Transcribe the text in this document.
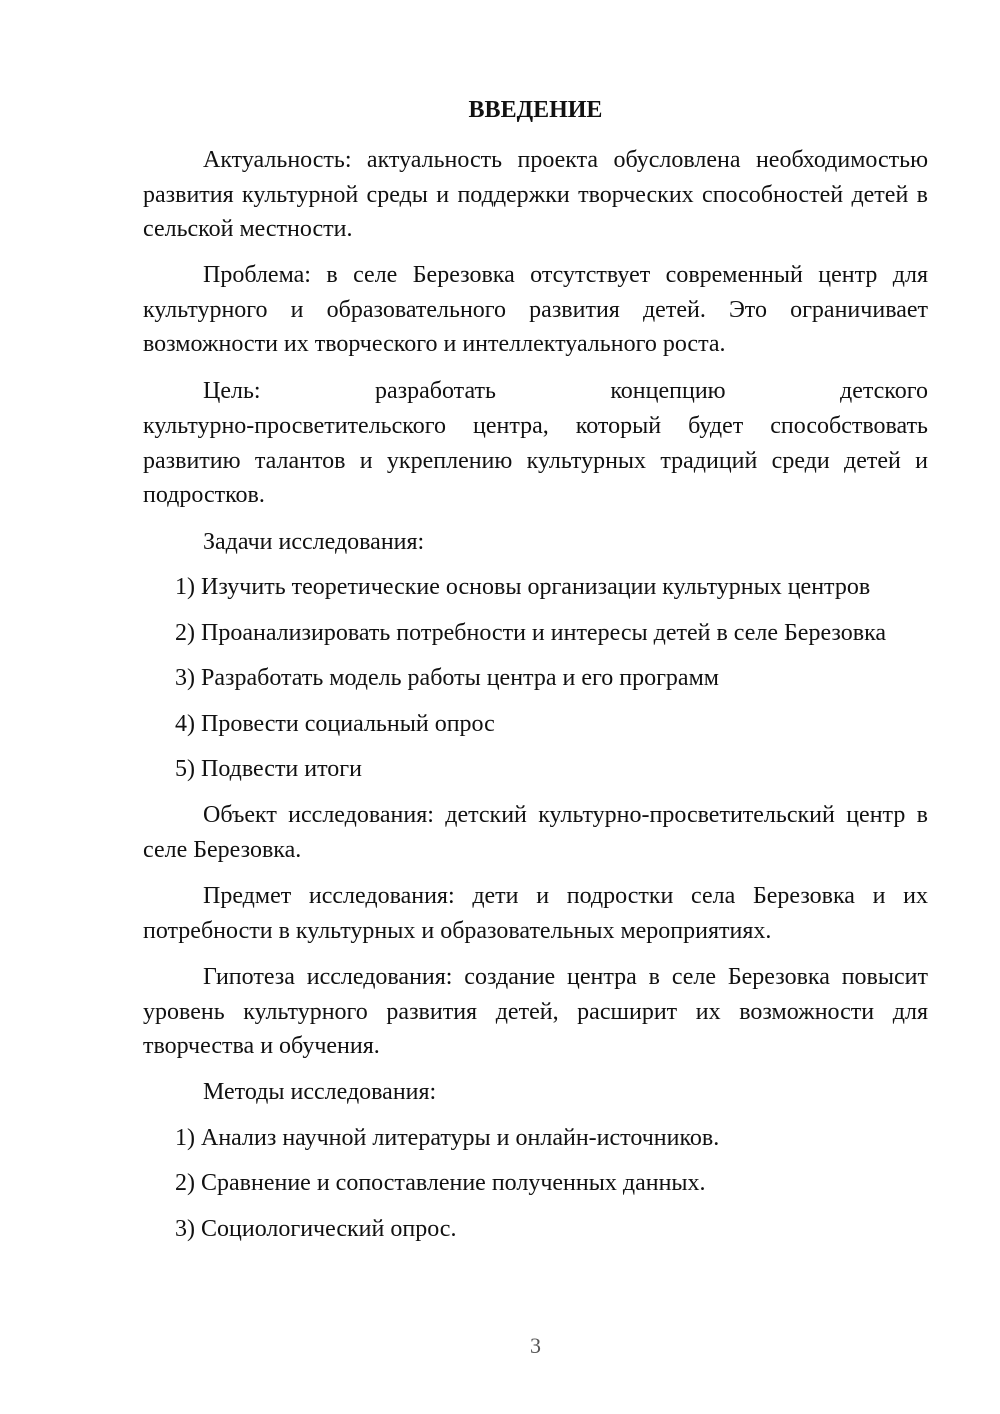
ВВЕДЕНИЕ

Актуальность: актуальность проекта обусловлена необходимостью развития культурной среды и поддержки творческих способностей детей в сельской местности.

Проблема: в селе Березовка отсутствует современный центр для культурного и образовательного развития детей. Это ограничивает возможности их творческого и интеллектуального роста.

Цель: разработать концепцию детского

культурно-просветительского центра, который будет способствовать развитию талантов и укреплению культурных традиций среди детей и подростков.

Задачи исследования:

1) Изучить теоретические основы организации культурных центров

2) Проанализировать потребности и интересы детей в селе Березовка

3) Разработать модель работы центра и его программ

4) Провести социальный опрос

5) Подвести итоги

Объект исследования: детский культурно-просветительский центр в селе Березовка.

Предмет исследования: дети и подростки села Березовка и их потребности в культурных и образовательных мероприятиях.

Гипотеза исследования: создание центра в селе Березовка повысит уровень культурного развития детей, расширит их возможности для творчества и обучения.

Методы исследования:

1) Анализ научной литературы и онлайн-источников.

2) Сравнение и сопоставление полученных данных.

3) Социологический опрос.

3
